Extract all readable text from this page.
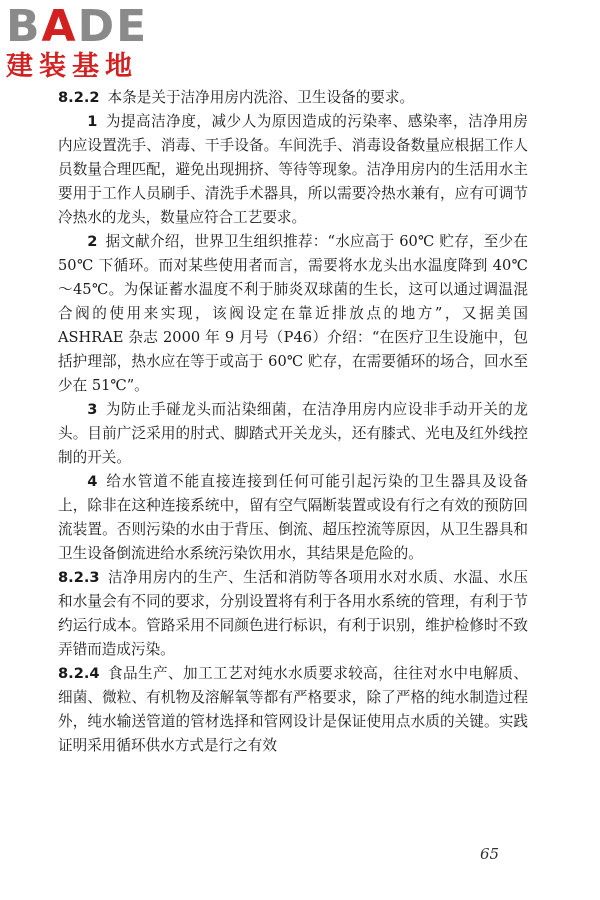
BADE
建装基地

8.2.2 本条是关于洁净用房内洗浴、卫生设备的要求。

1 为提高洁净度，减少人为原因造成的污染率、感染率，洁净用房内应设置洗手、消毒、干手设备。车间洗手、消毒设备数量应根据工作人员数量合理匹配，避免出现拥挤、等待等现象。洁净用房内的生活用水主要用于工作人员刷手、清洗手术器具，所以需要冷热水兼有，应有可调节冷热水的龙头，数量应符合工艺要求。

2 据文献介绍，世界卫生组织推荐：“水应高于 60℃ 贮存，至少在 50℃ 下循环。而对某些使用者而言，需要将水龙头出水温度降到 40℃～45℃。为保证蓄水温度不利于肺炎双球菌的生长，这可以通过调温混合阀的使用来实现，该阀设定在靠近排放点的地方”，又据美国 ASHRAE 杂志 2000 年 9 月号（P46）介绍：“在医疗卫生设施中，包括护理部，热水应在等于或高于 60℃ 贮存，在需要循环的场合，回水至少在 51℃”。

3 为防止手碰龙头而沾染细菌，在洁净用房内应设非手动开关的龙头。目前广泛采用的肘式、脚踏式开关龙头，还有膝式、光电及红外线控制的开关。

4 给水管道不能直接连接到任何可能引起污染的卫生器具及设备上，除非在这种连接系统中，留有空气隔断装置或设有行之有效的预防回流装置。否则污染的水由于背压、倒流、超压控流等原因，从卫生器具和卫生设备倒流进给水系统污染饮用水，其结果是危险的。

8.2.3 洁净用房内的生产、生活和消防等各项用水对水质、水温、水压和水量会有不同的要求，分别设置将有利于各用水系统的管理，有利于节约运行成本。管路采用不同颜色进行标识，有利于识别，维护检修时不致弄错而造成污染。

8.2.4 食品生产、加工工艺对纯水水质要求较高，往往对水中电解质、细菌、微粒、有机物及溶解氧等都有严格要求，除了严格的纯水制造过程外，纯水输送管道的管材选择和管网设计是保证使用点水质的关键。实践证明采用循环供水方式是行之有效

65
